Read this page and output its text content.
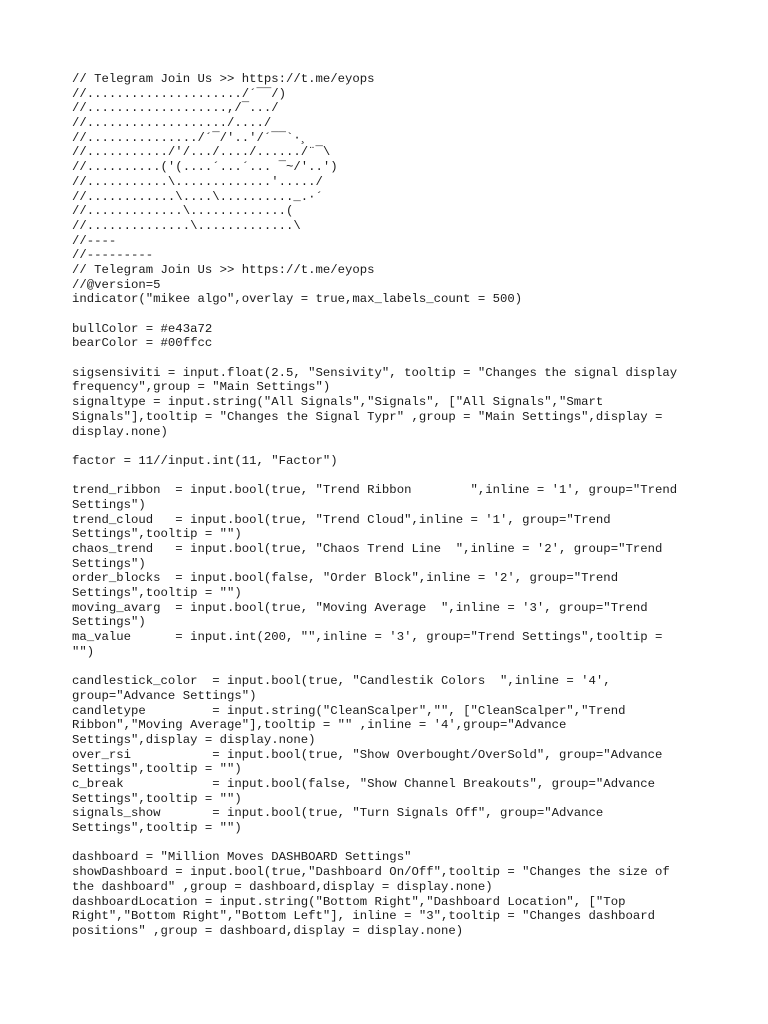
// Telegram Join Us >> https://t.me/eyops
//...................../´¯¯/)
//...................,/¯.../
//.................../..../
//.............../´¯/'..'/´¯¯`·¸
//.........../'/.../..../....../¨¯\
//..........('(....´...´... ¯~/'..')
//...........\.............'...../
//............\....\.........._.·´
//.............\.............(
//..............\.............\
//----
//---------
// Telegram Join Us >> https://t.me/eyops
//@version=5
indicator("mikee algo",overlay = true,max_labels_count = 500)
bullColor = #e43a72
bearColor = #00ffcc
sigsensiviti = input.float(2.5, "Sensivity", tooltip = "Changes the signal display
frequency",group = "Main Settings")
signaltype = input.string("All Signals","Signals", ["All Signals","Smart
Signals"],tooltip = "Changes the Signal Typr" ,group = "Main Settings",display =
display.none)
factor = 11//input.int(11, "Factor")
trend_ribbon  = input.bool(true, "Trend Ribbon        ",inline = '1', group="Trend
Settings")
trend_cloud   = input.bool(true, "Trend Cloud",inline = '1', group="Trend
Settings",tooltip = "")
chaos_trend   = input.bool(true, "Chaos Trend Line  ",inline = '2', group="Trend
Settings")
order_blocks  = input.bool(false, "Order Block",inline = '2', group="Trend
Settings",tooltip = "")
moving_avarg  = input.bool(true, "Moving Average  ",inline = '3', group="Trend
Settings")
ma_value      = input.int(200, "",inline = '3', group="Trend Settings",tooltip =
"")
candlestick_color  = input.bool(true, "Candlestik Colors  ",inline = '4',
group="Advance Settings")
candletype         = input.string("CleanScalper","", ["CleanScalper","Trend
Ribbon","Moving Average"],tooltip = "" ,inline = '4',group="Advance
Settings",display = display.none)
over_rsi           = input.bool(true, "Show Overbought/OverSold", group="Advance
Settings",tooltip = "")
c_break            = input.bool(false, "Show Channel Breakouts", group="Advance
Settings",tooltip = "")
signals_show       = input.bool(true, "Turn Signals Off", group="Advance
Settings",tooltip = "")
dashboard = "Million Moves DASHBOARD Settings"
showDashboard = input.bool(true,"Dashboard On/Off",tooltip = "Changes the size of
the dashboard" ,group = dashboard,display = display.none)
dashboardLocation = input.string("Bottom Right","Dashboard Location", ["Top
Right","Bottom Right","Bottom Left"], inline = "3",tooltip = "Changes dashboard
positions" ,group = dashboard,display = display.none)
